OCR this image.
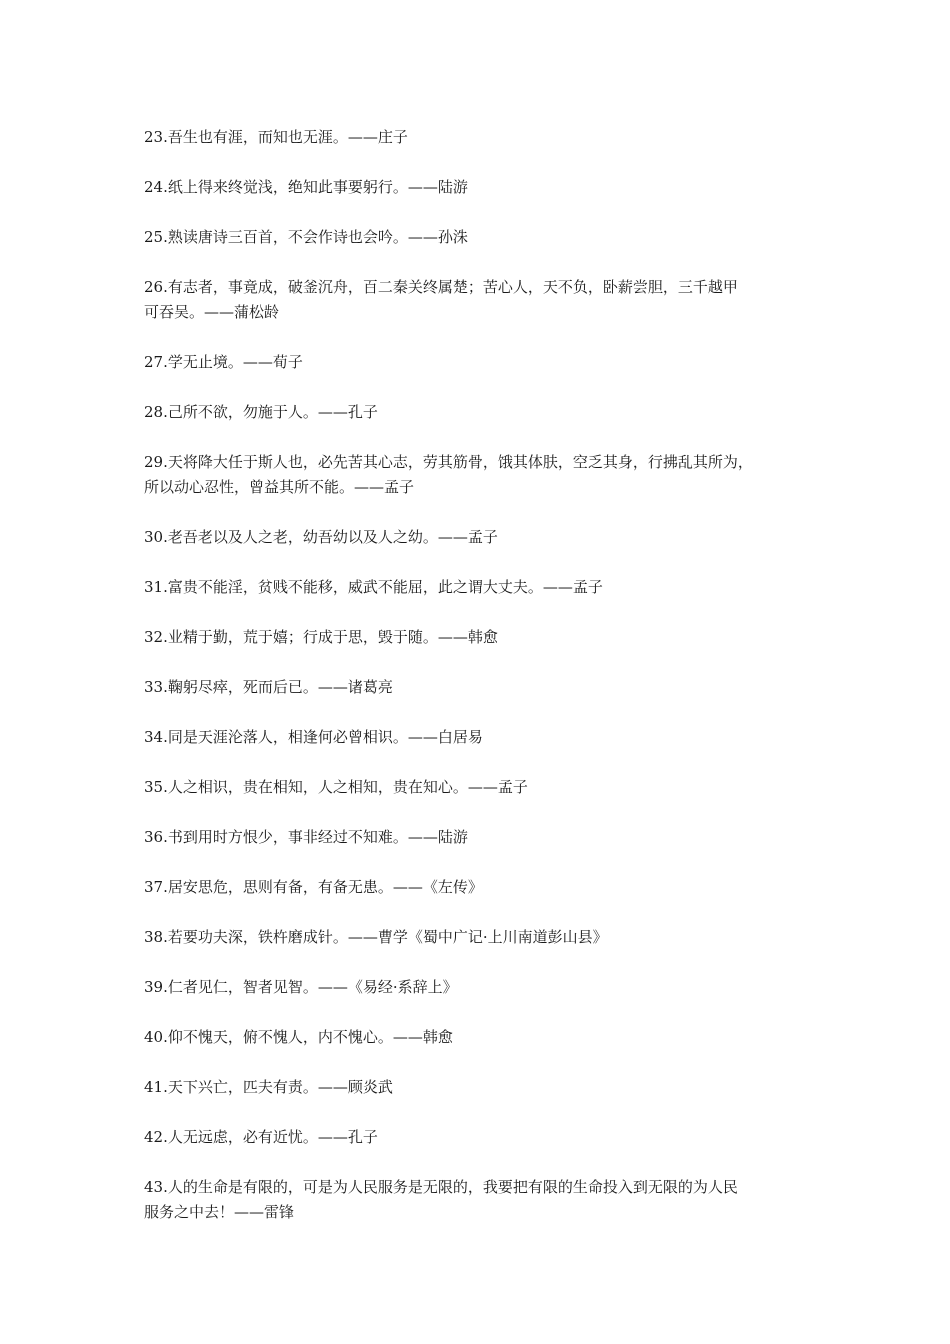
23.吾生也有涯，而知也无涯。——庄子
24.纸上得来终觉浅，绝知此事要躬行。——陆游
25.熟读唐诗三百首，不会作诗也会吟。——孙洙
26.有志者，事竟成，破釜沉舟，百二秦关终属楚；苦心人，天不负，卧薪尝胆，三千越甲
可吞吴。——蒲松龄
27.学无止境。——荀子
28.己所不欲，勿施于人。——孔子
29.天将降大任于斯人也，必先苦其心志，劳其筋骨，饿其体肤，空乏其身，行拂乱其所为，
所以动心忍性，曾益其所不能。——孟子
30.老吾老以及人之老，幼吾幼以及人之幼。——孟子
31.富贵不能淫，贫贱不能移，威武不能屈，此之谓大丈夫。——孟子
32.业精于勤，荒于嬉；行成于思，毁于随。——韩愈
33.鞠躬尽瘁，死而后已。——诸葛亮
34.同是天涯沦落人，相逢何必曾相识。——白居易
35.人之相识，贵在相知，人之相知，贵在知心。——孟子
36.书到用时方恨少，事非经过不知难。——陆游
37.居安思危，思则有备，有备无患。——《左传》
38.若要功夫深，铁杵磨成针。——曹学《蜀中广记·上川南道彭山县》
39.仁者见仁，智者见智。——《易经·系辞上》
40.仰不愧天，俯不愧人，内不愧心。——韩愈
41.天下兴亡，匹夫有责。——顾炎武
42.人无远虑，必有近忧。——孔子
43.人的生命是有限的，可是为人民服务是无限的，我要把有限的生命投入到无限的为人民
服务之中去！——雷锋
